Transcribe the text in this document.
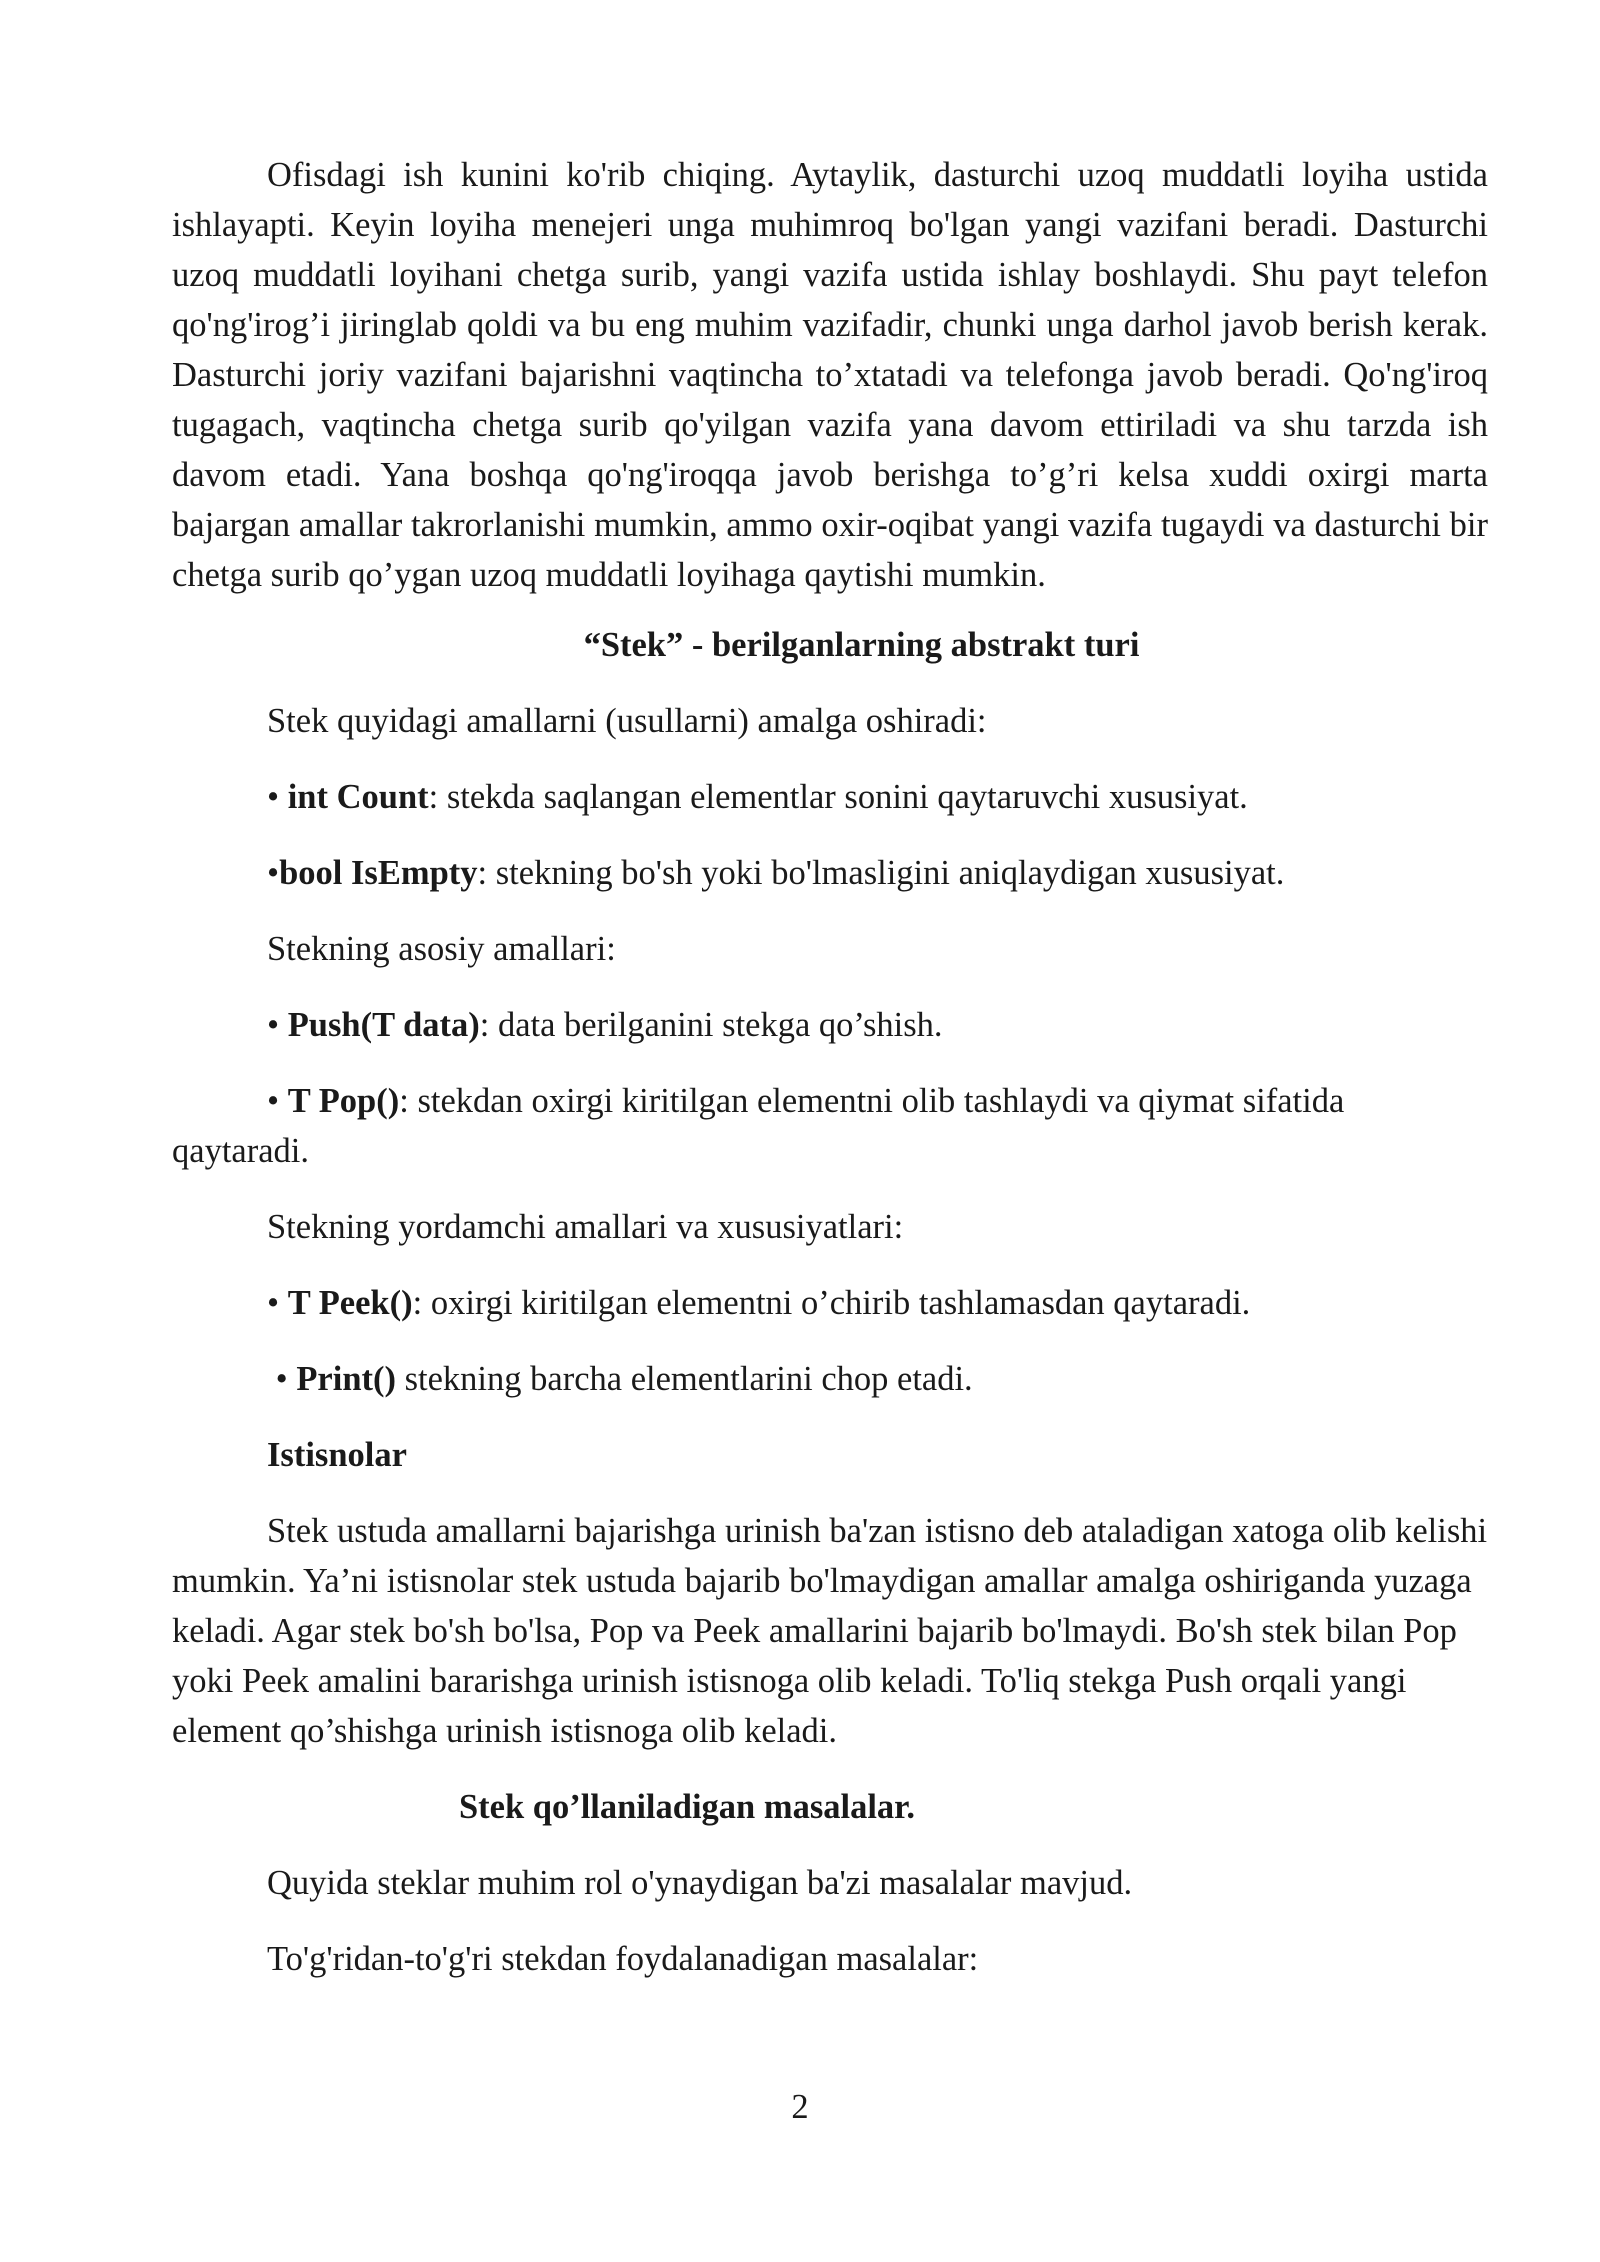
Ofisdagi ish kunini ko'rib chiqing. Aytaylik, dasturchi uzoq muddatli loyiha ustida ishlayapti. Keyin loyiha menejeri unga muhimroq bo'lgan yangi vazifani beradi. Dasturchi uzoq muddatli loyihani chetga surib, yangi vazifa ustida ishlay boshlaydi. Shu payt telefon qo'ng'irog’i jiringlab qoldi va bu eng muhim vazifadir, chunki unga darhol javob berish kerak. Dasturchi joriy vazifani bajarishni vaqtincha to’xtatadi va telefonga javob beradi. Qo'ng'iroq tugagach, vaqtincha chetga surib qo'yilgan vazifa yana davom ettiriladi va shu tarzda ish davom etadi. Yana boshqa qo'ng'iroqqa javob berishga to’g’ri kelsa xuddi oxirgi marta bajargan amallar takrorlanishi mumkin, ammo oxir-oqibat yangi vazifa tugaydi va dasturchi bir chetga surib qo’ygan uzoq muddatli loyihaga qaytishi mumkin.

“Stek” - berilganlarning abstrakt turi

Stek quyidagi amallarni (usullarni) amalga oshiradi:

• int Count: stekda saqlangan elementlar sonini qaytaruvchi xususiyat.

•bool IsEmpty: stekning bo'sh yoki bo'lmasligini aniqlaydigan xususiyat.

Stekning asosiy amallari:

• Push(T data): data berilganini stekga qo’shish.

• T Pop(): stekdan oxirgi kiritilgan elementni olib tashlaydi va qiymat sifatida qaytaradi.

Stekning yordamchi amallari va xususiyatlari:

• T Peek(): oxirgi kiritilgan elementni o’chirib tashlamasdan qaytaradi.

• Print() stekning barcha elementlarini chop etadi.

Istisnolar

Stek ustuda amallarni bajarishga urinish ba'zan istisno deb ataladigan xatoga olib kelishi mumkin. Ya’ni istisnolar stek ustuda bajarib bo'lmaydigan amallar amalga oshiriganda yuzaga keladi. Agar stek bo'sh bo'lsa, Pop va Peek amallarini bajarib bo'lmaydi. Bo'sh stek bilan Pop yoki Peek amalini bararishga urinish istisnoga olib keladi. To'liq stekga Push orqali yangi element qo’shishga urinish istisnoga olib keladi.

Stek qo’llaniladigan masalalar.

Quyida steklar muhim rol o'ynaydigan ba'zi masalalar mavjud.

To'g'ridan-to'g'ri stekdan foydalanadigan masalalar:

2
